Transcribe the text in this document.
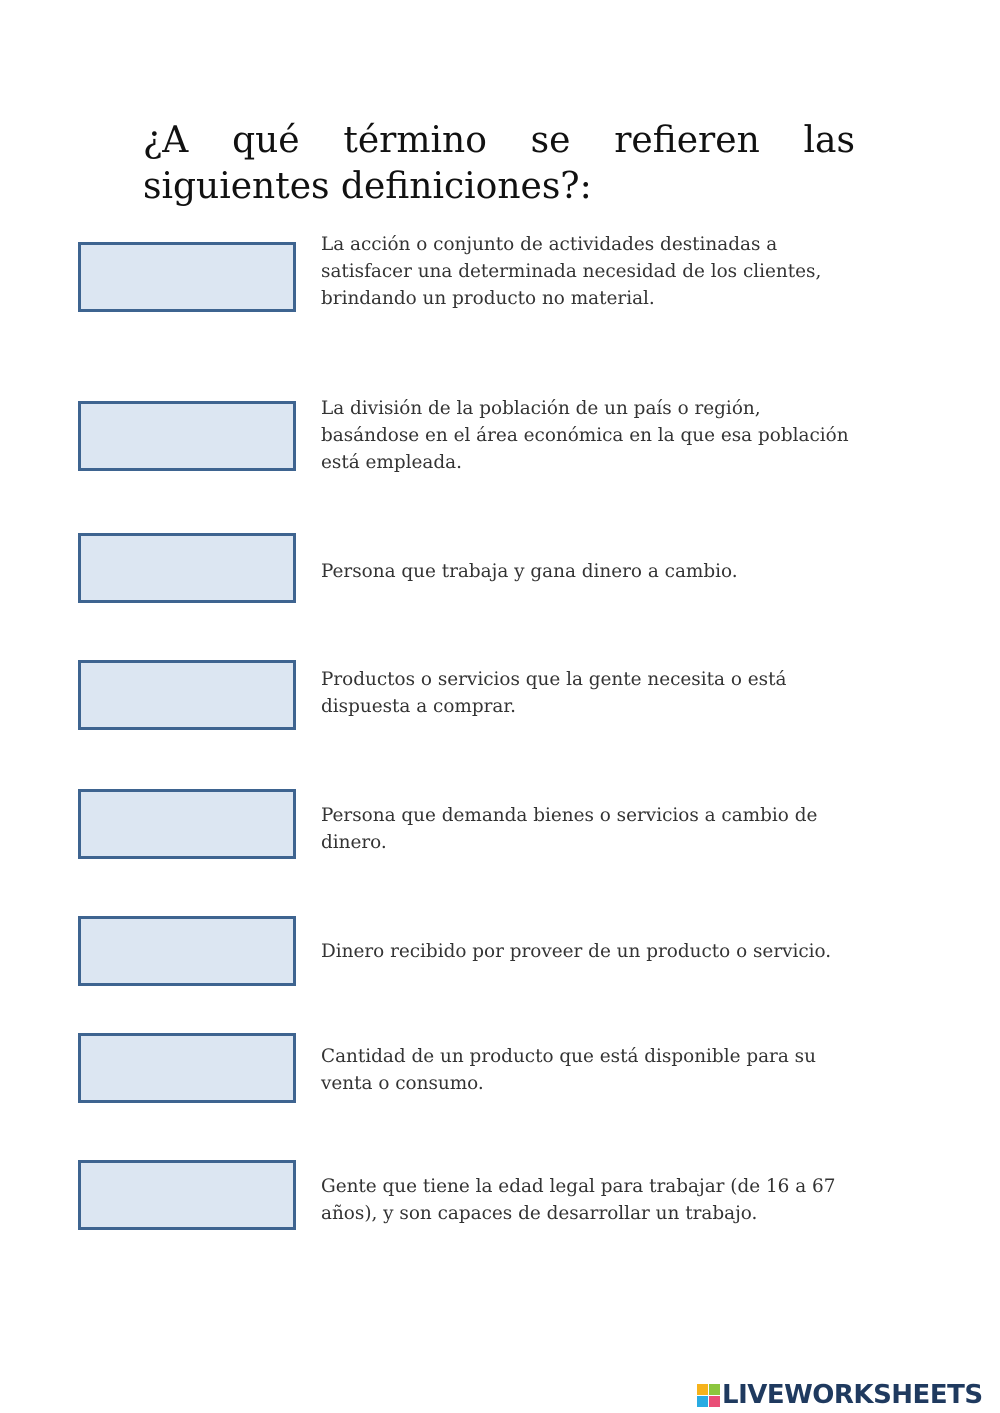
¿A qué término se refieren las siguientes definiciones?:

La acción o conjunto de actividades destinadas a satisfacer una determinada necesidad de los clientes, brindando un producto no material.

La división de la población de un país o región, basándose en el área económica en la que esa población está empleada.

Persona que trabaja y gana dinero a cambio.

Productos o servicios que la gente necesita o está dispuesta a comprar.

Persona que demanda bienes o servicios a cambio de dinero.

Dinero recibido por proveer de un producto o servicio.

Cantidad de un producto que está disponible para su venta o consumo.

Gente que tiene la edad legal para trabajar (de 16 a 67 años), y son capaces de desarrollar un trabajo.

LIVEWORKSHEETS
